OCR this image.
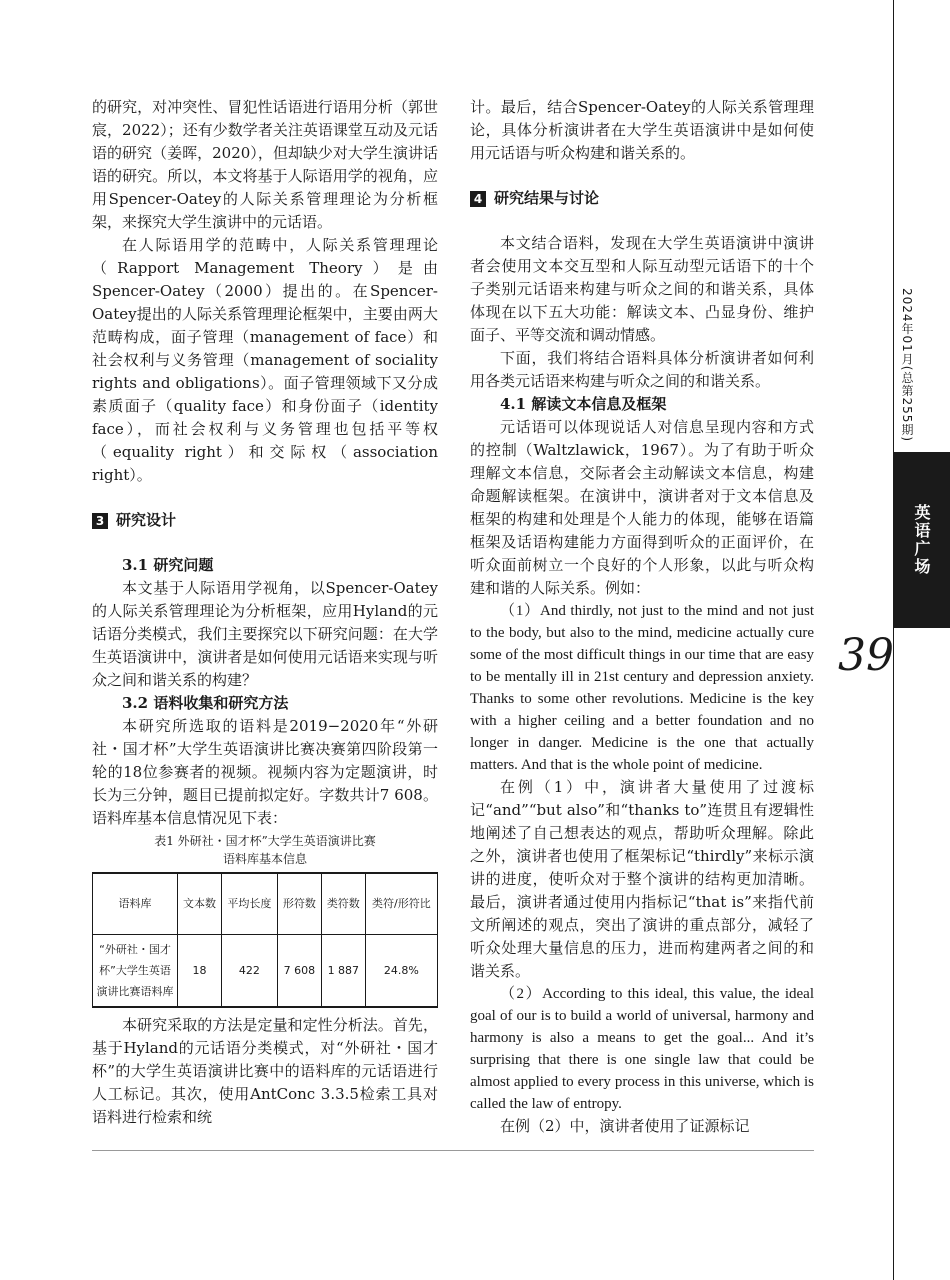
2024年01月(总第255期)
英语广场
39

的研究，对冲突性、冒犯性话语进行语用分析（郭世宸，2022）；还有少数学者关注英语课堂互动及元话语的研究（姜晖，2020），但却缺少对大学生演讲话语的研究。所以，本文将基于人际语用学的视角，应用Spencer-Oatey的人际关系管理理论为分析框架，来探究大学生演讲中的元话语。

在人际语用学的范畴中，人际关系管理理论（Rapport Management Theory）是由 Spencer-Oatey（2000）提出的。在Spencer-Oatey提出的人际关系管理理论框架中，主要由两大范畴构成，面子管理（management of face）和社会权利与义务管理（management of sociality rights and obligations）。面子管理领域下又分成素质面子（quality face）和身份面子（identity face），而社会权利与义务管理也包括平等权（equality right）和交际权（association right）。

3 研究设计

3.1 研究问题

本文基于人际语用学视角，以Spencer-Oatey的人际关系管理理论为分析框架，应用Hyland的元话语分类模式，我们主要探究以下研究问题：在大学生英语演讲中，演讲者是如何使用元话语来实现与听众之间和谐关系的构建？

3.2 语料收集和研究方法

本研究所选取的语料是2019−2020年“外研社・国才杯”大学生英语演讲比赛决赛第四阶段第一轮的18位参赛者的视频。视频内容为定题演讲，时长为三分钟，题目已提前拟定好。字数共计7 608。语料库基本信息情况见下表：

表1 外研社・国才杯”大学生英语演讲比赛
语料库基本信息
语料库	文本数	平均长度	形符数	类符数	类符/形符比
“外研社・国才杯”大学生英语演讲比赛语料库	18	422	7 608	1 887	24.8%

本研究采取的方法是定量和定性分析法。首先，基于Hyland的元话语分类模式，对“外研社・国才杯”的大学生英语演讲比赛中的语料库的元话语进行人工标记。其次，使用AntConc 3.3.5检索工具对语料进行检索和统

计。最后，结合Spencer-Oatey的人际关系管理理论，具体分析演讲者在大学生英语演讲中是如何使用元话语与听众构建和谐关系的。

4 研究结果与讨论

本文结合语料，发现在大学生英语演讲中演讲者会使用文本交互型和人际互动型元话语下的十个子类别元话语来构建与听众之间的和谐关系，具体体现在以下五大功能：解读文本、凸显身份、维护面子、平等交流和调动情感。

下面，我们将结合语料具体分析演讲者如何利用各类元话语来构建与听众之间的和谐关系。

4.1 解读文本信息及框架

元话语可以体现说话人对信息呈现内容和方式的控制（Waltzlawick，1967）。为了有助于听众理解文本信息，交际者会主动解读文本信息，构建命题解读框架。在演讲中，演讲者对于文本信息及框架的构建和处理是个人能力的体现，能够在语篇框架及话语构建能力方面得到听众的正面评价，在听众面前树立一个良好的个人形象，以此与听众构建和谐的人际关系。例如：

（1）And thirdly, not just to the mind and not just to the body, but also to the mind, medicine actually cure some of the most difficult things in our time that are easy to be mentally ill in 21st century and depression anxiety. Thanks to some other revolutions. Medicine is the key with a higher ceiling and a better foundation and no longer in danger. Medicine is the one that actually matters. And that is the whole point of medicine.

在例（1）中，演讲者大量使用了过渡标记“and”“but also”和“thanks to”连贯且有逻辑性地阐述了自己想表达的观点，帮助听众理解。除此之外，演讲者也使用了框架标记“thirdly”来标示演讲的进度，使听众对于整个演讲的结构更加清晰。最后，演讲者通过使用内指标记“that is”来指代前文所阐述的观点，突出了演讲的重点部分，减轻了听众处理大量信息的压力，进而构建两者之间的和谐关系。

（2）According to this ideal, this value, the ideal goal of our is to build a world of universal, harmony and harmony is also a means to get the goal... And it’s surprising that there is one single law that could be almost applied to every process in this universe, which is called the law of entropy.

在例（2）中，演讲者使用了证源标记
